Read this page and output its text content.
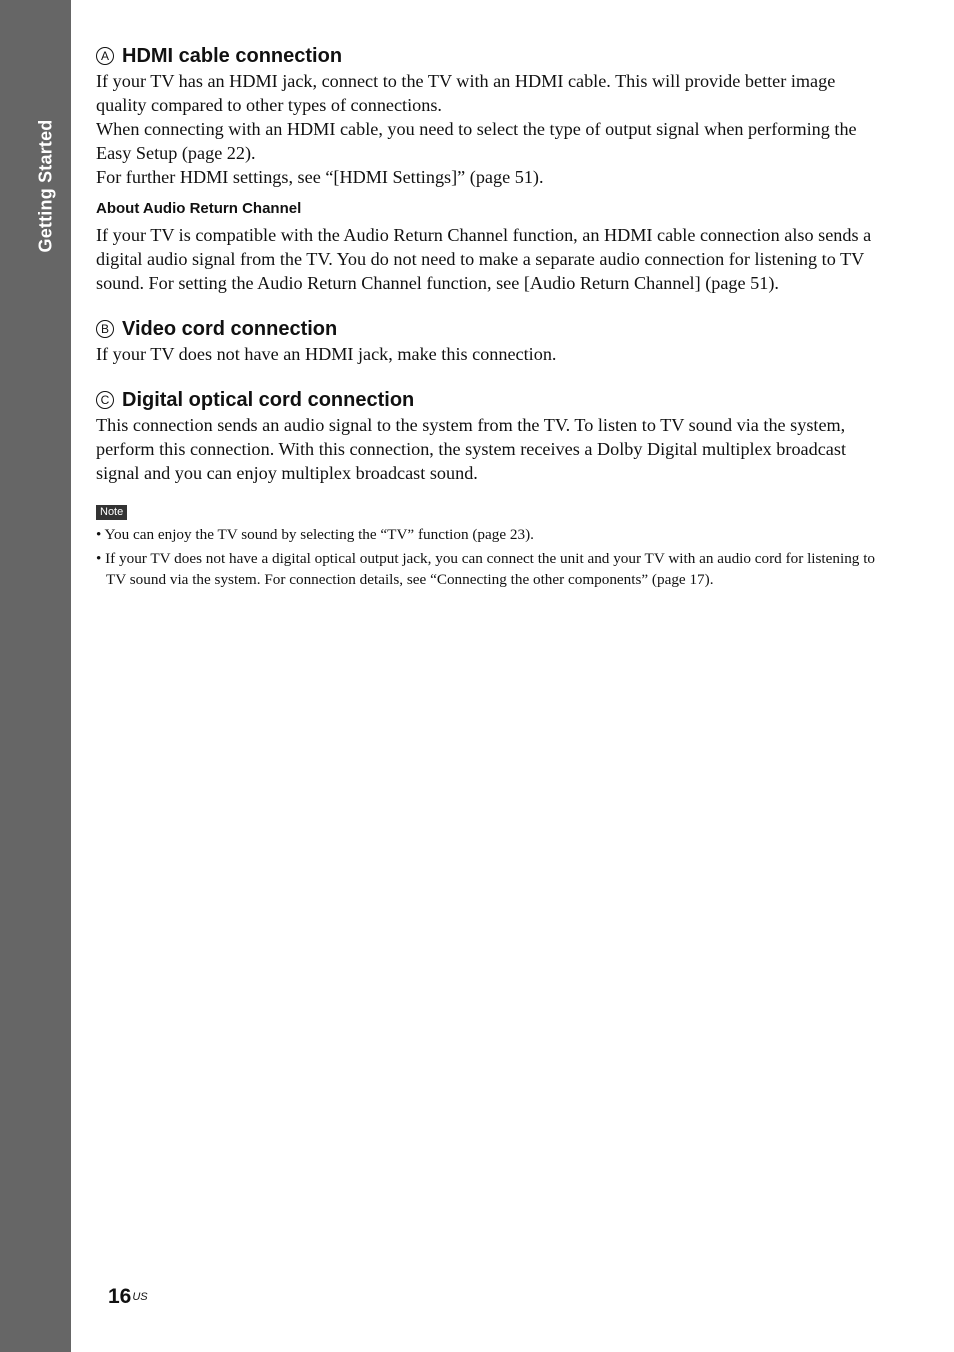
Getting Started
A HDMI cable connection

If your TV has an HDMI jack, connect to the TV with an HDMI cable. This will provide better image quality compared to other types of connections.

When connecting with an HDMI cable, you need to select the type of output signal when performing the Easy Setup (page 22).

For further HDMI settings, see “[HDMI Settings]” (page 51).

About Audio Return Channel

If your TV is compatible with the Audio Return Channel function, an HDMI cable connection also sends a digital audio signal from the TV. You do not need to make a separate audio connection for listening to TV sound. For setting the Audio Return Channel function, see [Audio Return Channel] (page 51).

B Video cord connection

If your TV does not have an HDMI jack, make this connection.

C Digital optical cord connection

This connection sends an audio signal to the system from the TV. To listen to TV sound via the system, perform this connection. With this connection, the system receives a Dolby Digital multiplex broadcast signal and you can enjoy multiplex broadcast sound.

Note
• You can enjoy the TV sound by selecting the “TV” function (page 23).
• If your TV does not have a digital optical output jack, you can connect the unit and your TV with an audio cord for listening to TV sound via the system. For connection details, see “Connecting the other components” (page 17).
$16^{US}$
